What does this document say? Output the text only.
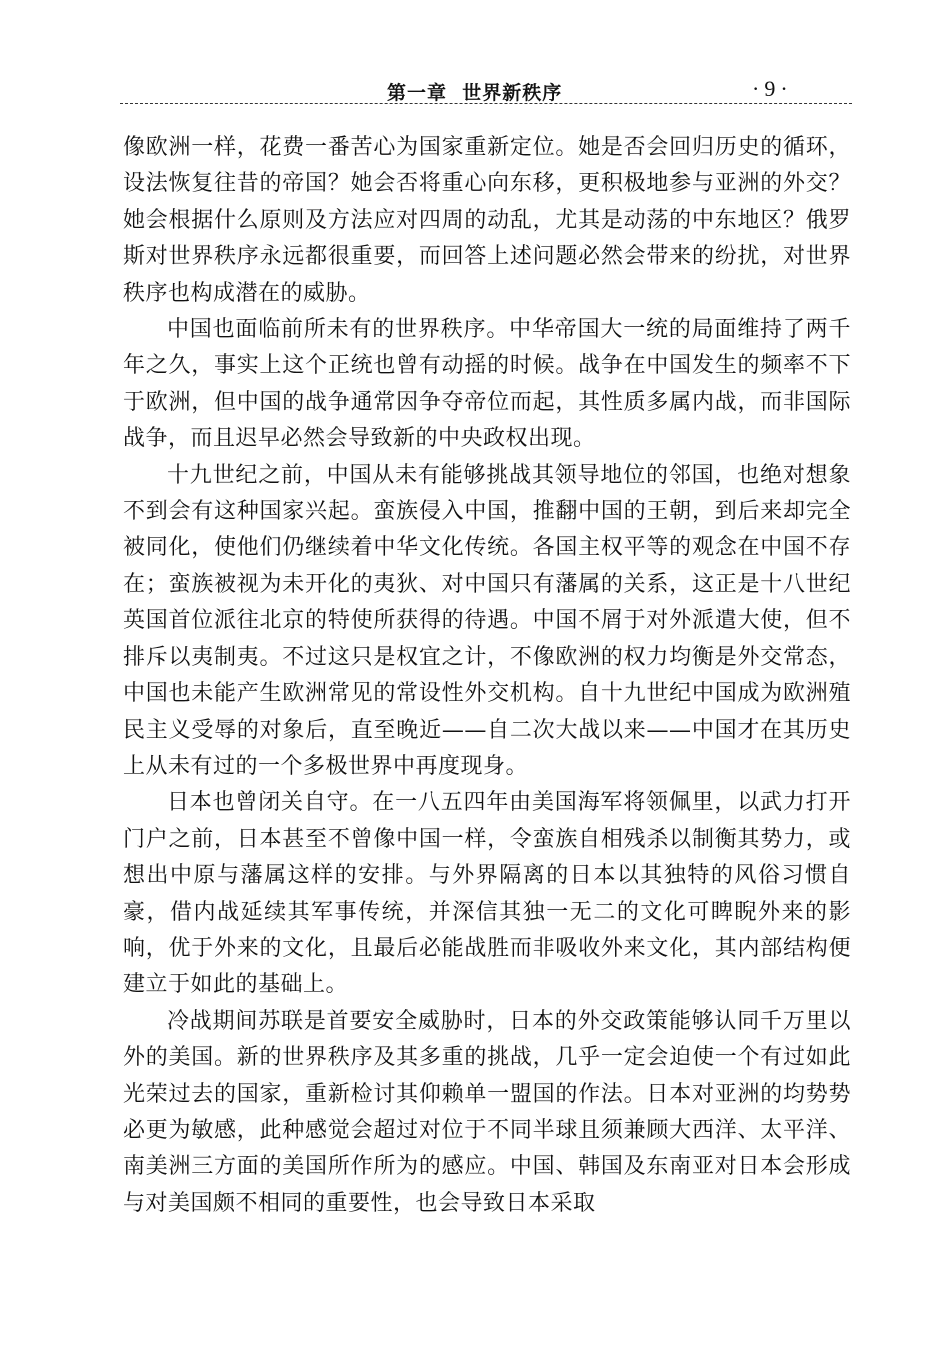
第一章  世界新秩序	·9·

像欧洲一样，花费一番苦心为国家重新定位。她是否会回归历史的循环，设法恢复往昔的帝国？她会否将重心向东移，更积极地参与亚洲的外交？她会根据什么原则及方法应对四周的动乱，尤其是动荡的中东地区？俄罗斯对世界秩序永远都很重要，而回答上述问题必然会带来的纷扰，对世界秩序也构成潜在的威胁。

中国也面临前所未有的世界秩序。中华帝国大一统的局面维持了两千年之久，事实上这个正统也曾有动摇的时候。战争在中国发生的频率不下于欧洲，但中国的战争通常因争夺帝位而起，其性质多属内战，而非国际战争，而且迟早必然会导致新的中央政权出现。

十九世纪之前，中国从未有能够挑战其领导地位的邻国，也绝对想象不到会有这种国家兴起。蛮族侵入中国，推翻中国的王朝，到后来却完全被同化，使他们仍继续着中华文化传统。各国主权平等的观念在中国不存在；蛮族被视为未开化的夷狄、对中国只有藩属的关系，这正是十八世纪英国首位派往北京的特使所获得的待遇。中国不屑于对外派遣大使，但不排斥以夷制夷。不过这只是权宜之计，不像欧洲的权力均衡是外交常态，中国也未能产生欧洲常见的常设性外交机构。自十九世纪中国成为欧洲殖民主义受辱的对象后，直至晚近——自二次大战以来——中国才在其历史上从未有过的一个多极世界中再度现身。

日本也曾闭关自守。在一八五四年由美国海军将领佩里，以武力打开门户之前，日本甚至不曾像中国一样，令蛮族自相残杀以制衡其势力，或想出中原与藩属这样的安排。与外界隔离的日本以其独特的风俗习惯自豪，借内战延续其军事传统，并深信其独一无二的文化可睥睨外来的影响，优于外来的文化，且最后必能战胜而非吸收外来文化，其内部结构便建立于如此的基础上。

冷战期间苏联是首要安全威胁时，日本的外交政策能够认同千万里以外的美国。新的世界秩序及其多重的挑战，几乎一定会迫使一个有过如此光荣过去的国家，重新检讨其仰赖单一盟国的作法。日本对亚洲的均势势必更为敏感，此种感觉会超过对位于不同半球且须兼顾大西洋、太平洋、南美洲三方面的美国所作所为的感应。中国、韩国及东南亚对日本会形成与对美国颇不相同的重要性，也会导致日本采取
